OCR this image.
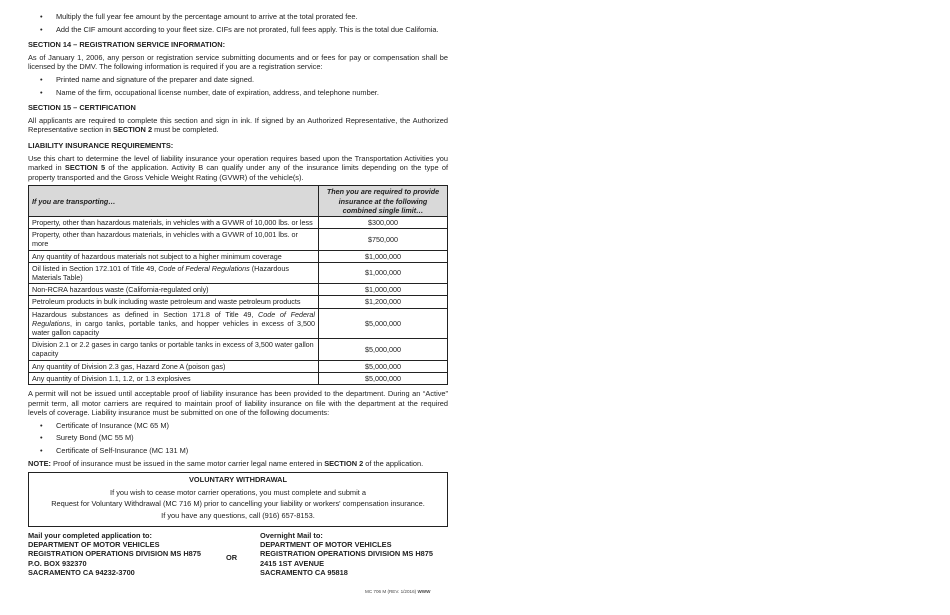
• Multiply the full year fee amount by the percentage amount to arrive at the total prorated fee.
• Add the CIF amount according to your fleet size. CIFs are not prorated, full fees apply. This is the total due California.
SECTION 14 – REGISTRATION SERVICE INFORMATION:

As of January 1, 2006, any person or registration service submitting documents and or fees for pay or compensation shall be licensed by the DMV. The following information is required if you are a registration service:

• Printed name and signature of the preparer and date signed.
• Name of the firm, occupational license number, date of expiration, address, and telephone number.
SECTION 15 – CERTIFICATION

All applicants are required to complete this section and sign in ink. If signed by an Authorized Representative, the Authorized Representative section in SECTION 2 must be completed.

LIABILITY INSURANCE REQUIREMENTS:

Use this chart to determine the level of liability insurance your operation requires based upon the Transportation Activities you marked in SECTION 5 of the application. Activity B can qualify under any of the insurance limits depending on the type of property transported and the Gross Vehicle Weight Rating (GVWR) of the vehicle(s).

If you are transporting…	Then you are required to provide insurance at the following combined single limit…
Property, other than hazardous materials, in vehicles with a GVWR of 10,000 lbs. or less	$300,000
Property, other than hazardous materials, in vehicles with a GVWR of 10,001 lbs. or more	$750,000
Any quantity of hazardous materials not subject to a higher minimum coverage	$1,000,000
Oil listed in Section 172.101 of Title 49, Code of Federal Regulations (Hazardous Materials Table)	$1,000,000
Non-RCRA hazardous waste (California-regulated only)	$1,000,000
Petroleum products in bulk including waste petroleum and waste petroleum products	$1,200,000
Hazardous substances as defined in Section 171.8 of Title 49, Code of Federal Regulations, in cargo tanks, portable tanks, and hopper vehicles in excess of 3,500 water gallon capacity	$5,000,000
Division 2.1 or 2.2 gases in cargo tanks or portable tanks in excess of 3,500 water gallon capacity	$5,000,000
Any quantity of Division 2.3 gas, Hazard Zone A (poison gas)	$5,000,000
Any quantity of Division 1.1, 1.2, or 1.3 explosives	$5,000,000

A permit will not be issued until acceptable proof of liability insurance has been provided to the department. During an “Active” permit term, all motor carriers are required to maintain proof of liability insurance on file with the department at the required levels of coverage. Liability insurance must be submitted on one of the following documents:

• Certificate of Insurance (MC 65 M)
• Surety Bond (MC 55 M)
• Certificate of Self-Insurance (MC 131 M)

NOTE: Proof of insurance must be issued in the same motor carrier legal name entered in SECTION 2 of the application.

VOLUNTARY WITHDRAWAL
If you wish to cease motor carrier operations, you must complete and submit a
Request for Voluntary Withdrawal (MC 716 M) prior to cancelling your liability or workers' compensation insurance.
If you have any questions, call (916) 657-8153.
Mail your completed application to:
DEPARTMENT OF MOTOR VEHICLES
REGISTRATION OPERATIONS DIVISION MS H875
P.O. BOX 932370
SACRAMENTO CA 94232-3700
OR
Overnight Mail to:
DEPARTMENT OF MOTOR VEHICLES
REGISTRATION OPERATIONS DIVISION MS H875
2415 1ST AVENUE
SACRAMENTO CA 95818
MC 706 M (REV. 1/2016) WWW
